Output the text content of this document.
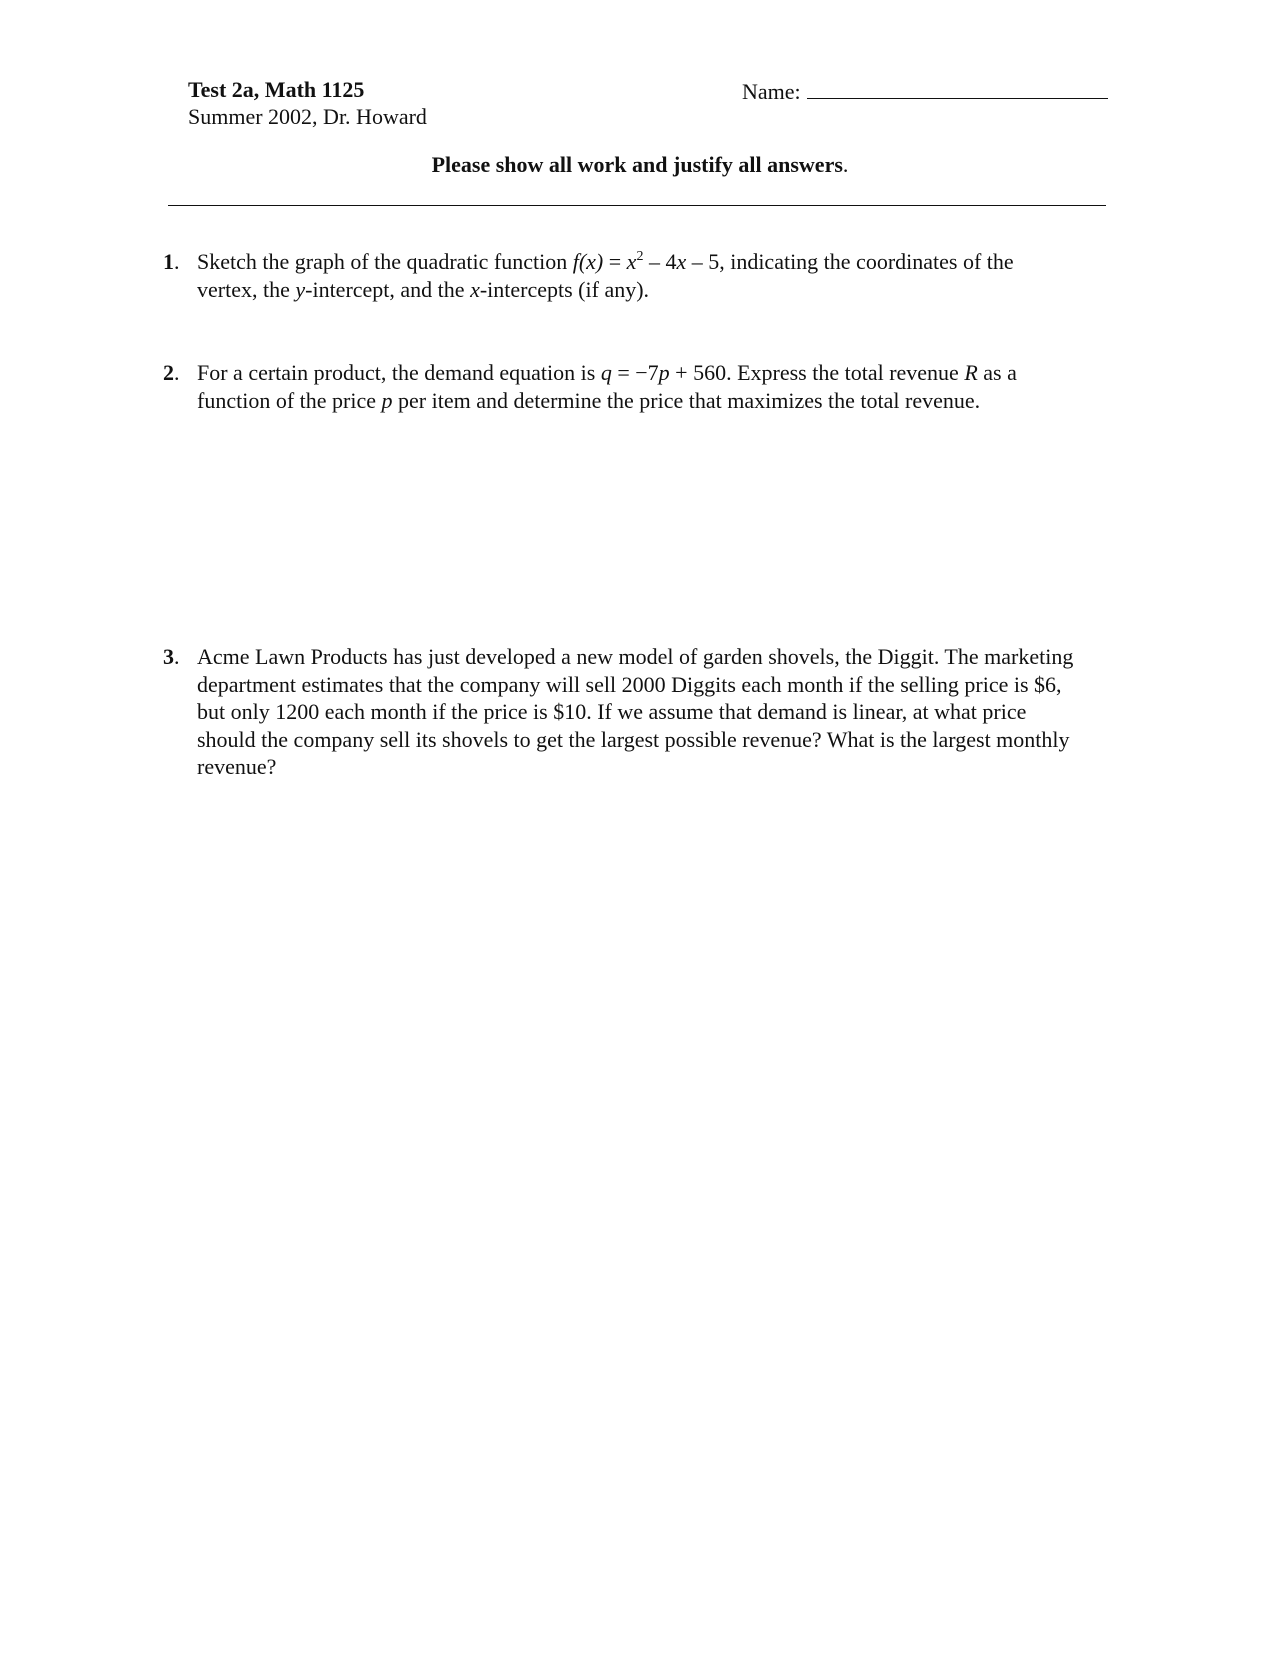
Test 2a, Math 1125
Summer 2002, Dr. Howard
Name:
Please show all work and justify all answers.
1. Sketch the graph of the quadratic function $f(x) = x^2 - 4x - 5$, indicating the coordinates of the
vertex, the y-intercept, and the x-intercepts (if any).
2. For a certain product, the demand equation is q = −7p + 560. Express the total revenue R as a
function of the price p per item and determine the price that maximizes the total revenue.
3. Acme Lawn Products has just developed a new model of garden shovels, the Diggit. The marketing department estimates that the company will sell 2000 Diggits each month if the selling price is $6, but only 1200 each month if the price is $10. If we assume that demand is linear, at what price should the company sell its shovels to get the largest possible revenue? What is the largest monthly revenue?
